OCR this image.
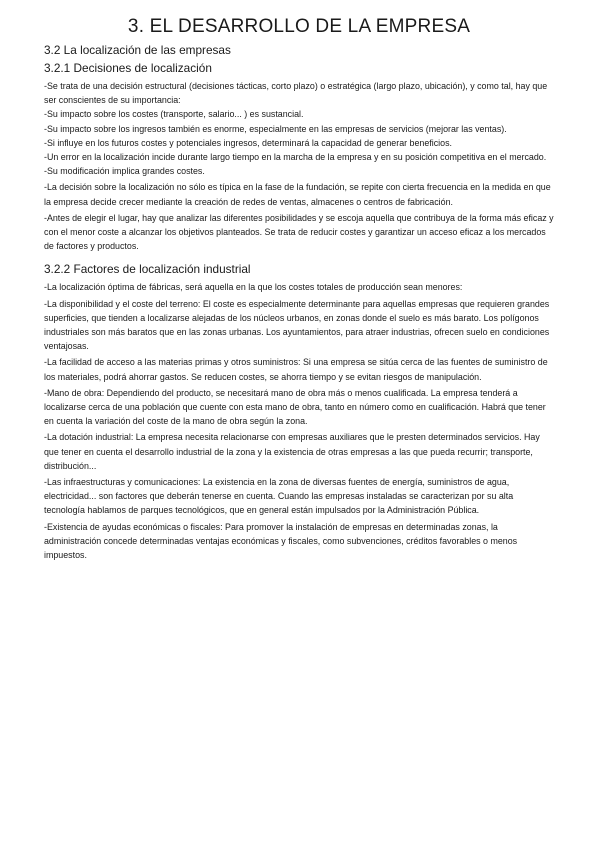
3. EL DESARROLLO DE LA EMPRESA
3.2 La localización de las empresas
3.2.1 Decisiones de localización

-Se trata de una decisión estructural (decisiones tácticas, corto plazo) o estratégica (largo plazo, ubicación), y como tal, hay que ser conscientes de su importancia:

-Su impacto sobre los costes (transporte, salario... ) es sustancial.

-Su impacto sobre los ingresos también es enorme, especialmente en las empresas de servicios (mejorar las ventas).

-Si influye en los futuros costes y potenciales ingresos, determinará la capacidad de generar beneficios.

-Un error en la localización incide durante largo tiempo en la marcha de la empresa y en su posición competitiva en el mercado.

-Su modificación implica grandes costes.

-La decisión sobre la localización no sólo es típica en la fase de la fundación, se repite con cierta frecuencia en la medida en que la empresa decide crecer mediante la creación de redes de ventas, almacenes o centros de fabricación.

-Antes de elegir el lugar, hay que analizar las diferentes posibilidades y se escoja aquella que contribuya de la forma más eficaz y con el menor coste a alcanzar los objetivos planteados. Se trata de reducir costes y garantizar un acceso eficaz a los mercados de factores y productos.

3.2.2 Factores de localización industrial

-La localización óptima de fábricas, será aquella en la que los costes totales de producción sean menores:

-La disponibilidad y el coste del terreno: El coste es especialmente determinante para aquellas empresas que requieren grandes superficies, que tienden a localizarse alejadas de los núcleos urbanos, en zonas donde el suelo es más barato. Los polígonos industriales son más baratos que en las zonas urbanas. Los ayuntamientos, para atraer industrias, ofrecen suelo en condiciones ventajosas.

-La facilidad de acceso a las materias primas y otros suministros: Si una empresa se sitúa cerca de las fuentes de suministro de los materiales, podrá ahorrar gastos. Se reducen costes, se ahorra tiempo y se evitan riesgos de manipulación.

-Mano de obra: Dependiendo del producto, se necesitará mano de obra más o menos cualificada. La empresa tenderá a localizarse cerca de una población que cuente con esta mano de obra, tanto en número como en cualificación. Habrá que tener en cuenta la variación del coste de la mano de obra según la zona.

-La dotación industrial: La empresa necesita relacionarse con empresas auxiliares que le presten determinados servicios. Hay que tener en cuenta el desarrollo industrial de la zona y la existencia de otras empresas a las que pueda recurrir; transporte, distribución...

-Las infraestructuras y comunicaciones: La existencia en la zona de diversas fuentes de energía, suministros de agua, electricidad... son factores que deberán tenerse en cuenta. Cuando las empresas instaladas se caracterizan por su alta tecnología hablamos de parques tecnológicos, que en general están impulsados por la Administración Pública.

-Existencia de ayudas económicas o fiscales: Para promover la instalación de empresas en determinadas zonas, la administración concede determinadas ventajas económicas y fiscales, como subvenciones, créditos favorables o menos impuestos.
